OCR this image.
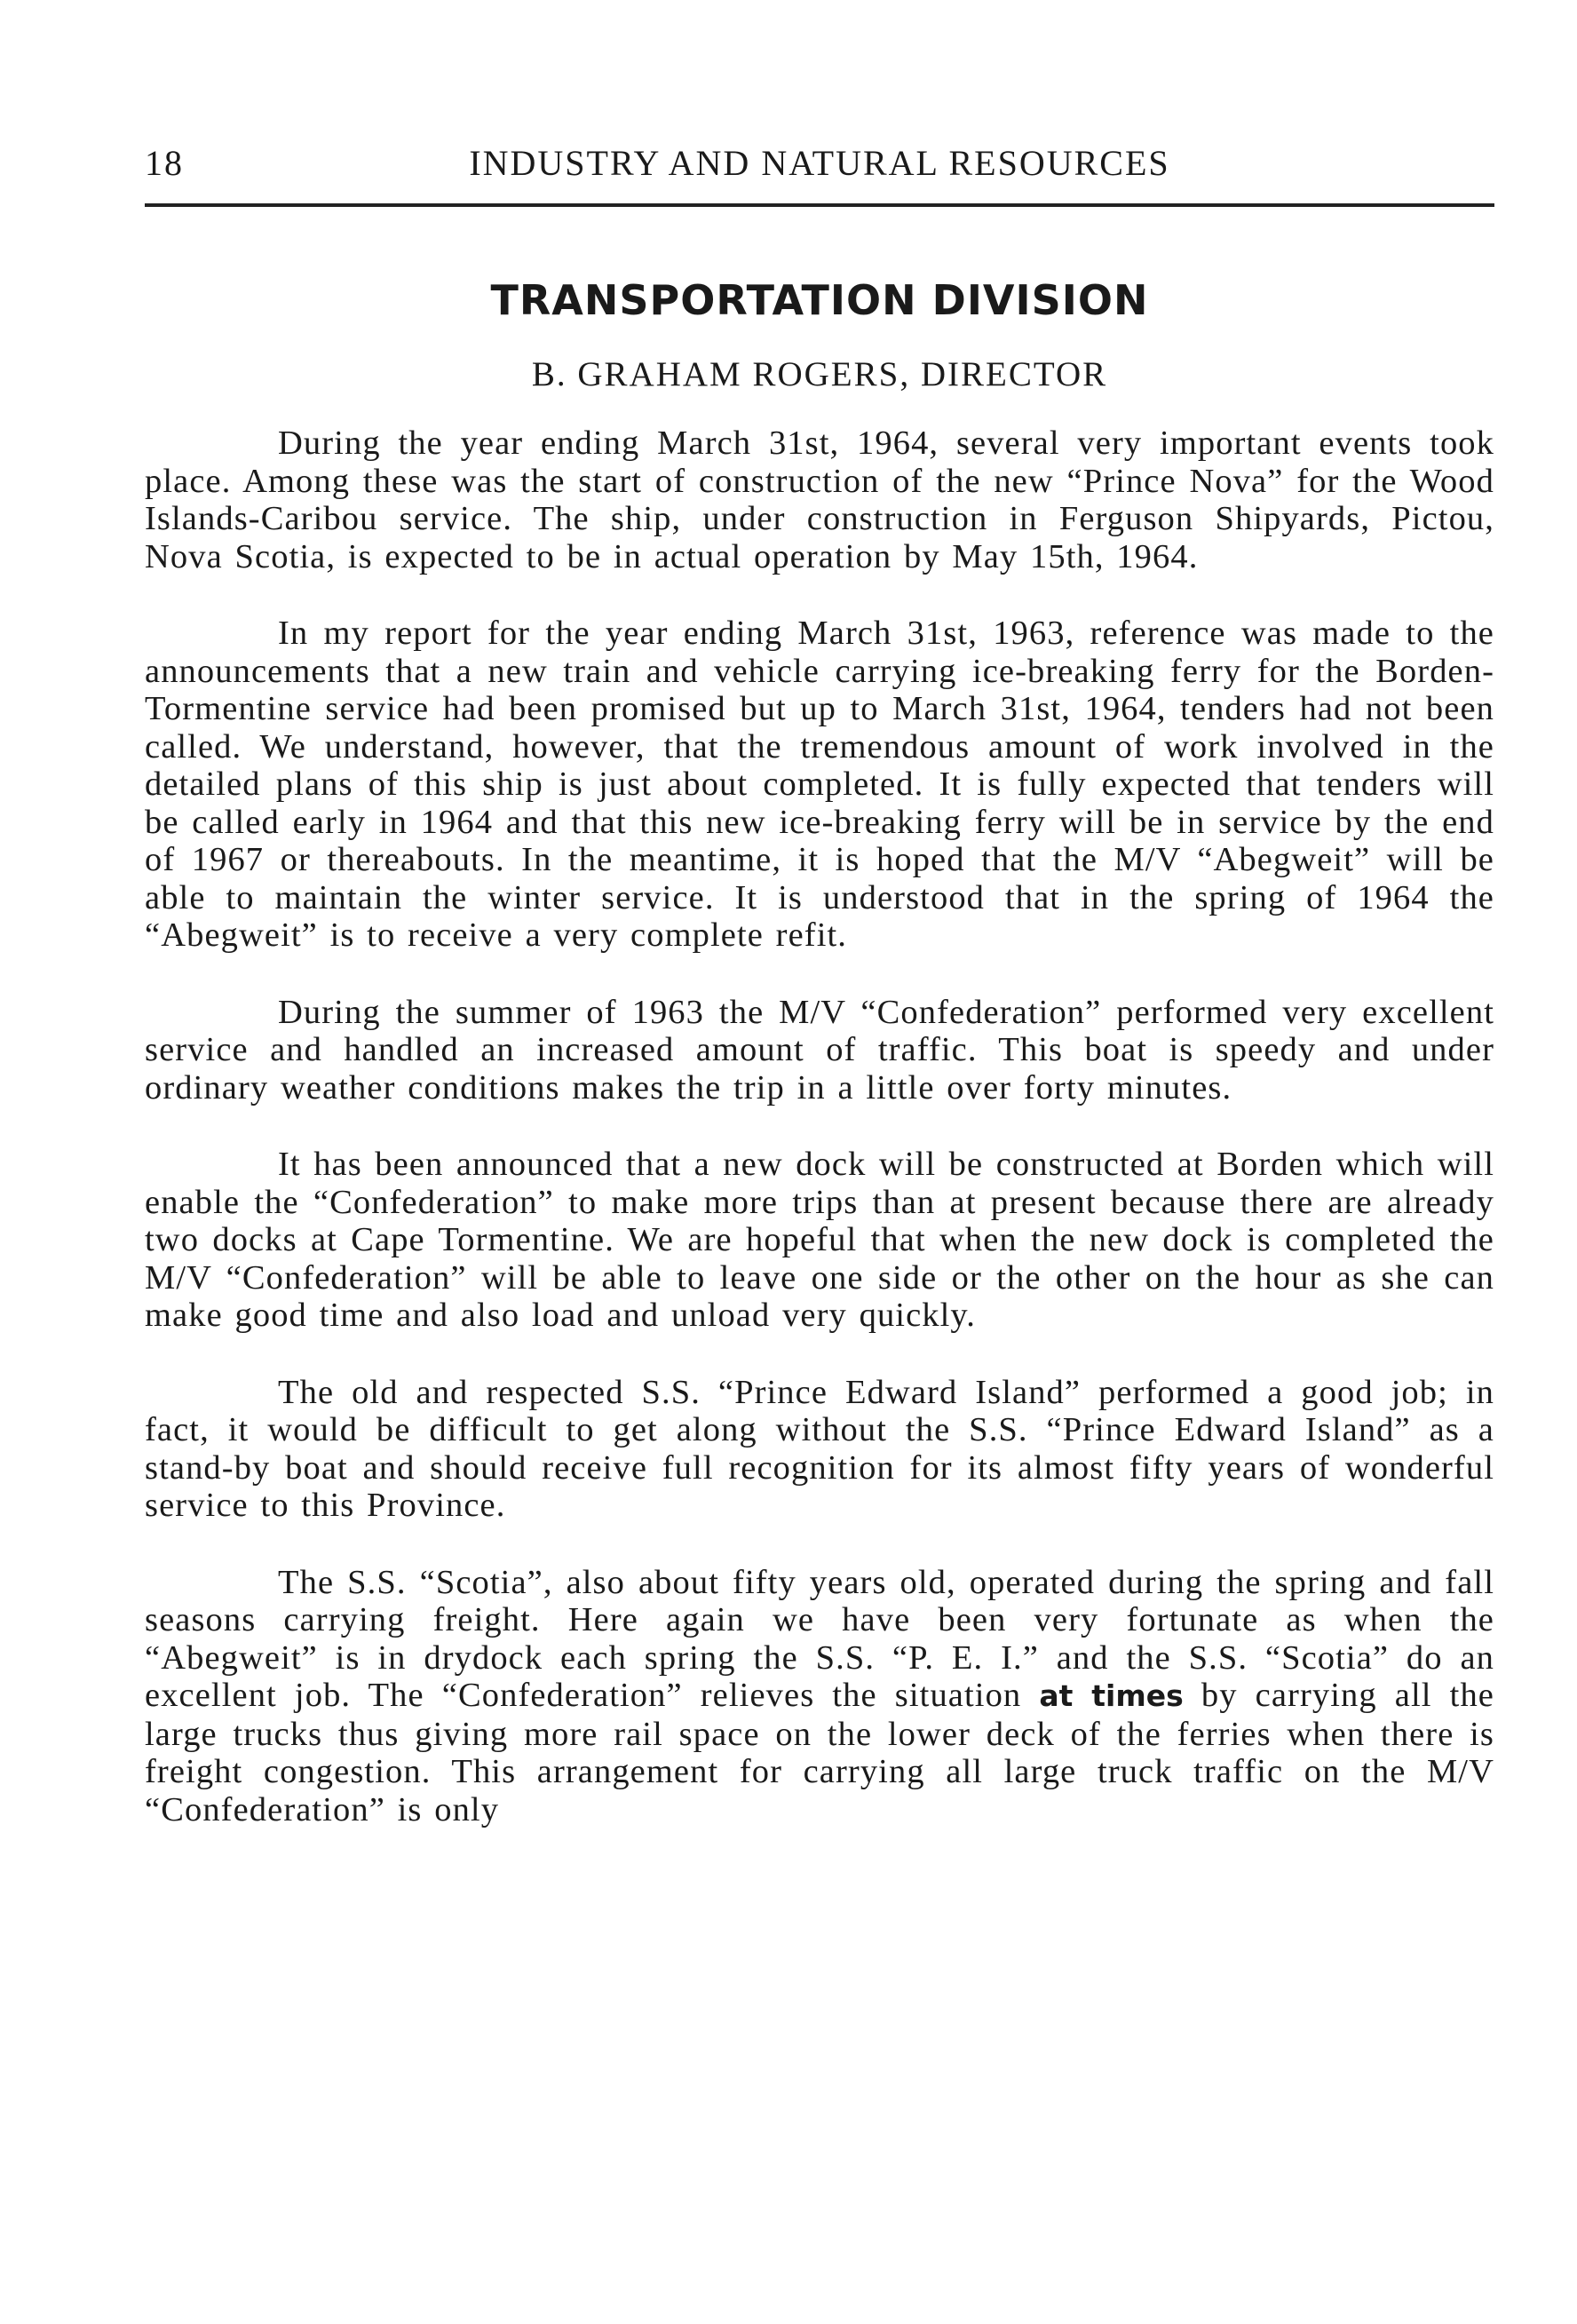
18	INDUSTRY AND NATURAL RESOURCES
TRANSPORTATION DIVISION
B. GRAHAM ROGERS, DIRECTOR

During the year ending March 31st, 1964, several very important events took place. Among these was the start of construction of the new “Prince Nova” for the Wood Islands-Caribou service. The ship, under construction in Ferguson Shipyards, Pictou, Nova Scotia, is expected to be in actual operation by May 15th, 1964.

In my report for the year ending March 31st, 1963, reference was made to the announcements that a new train and vehicle carrying ice-breaking ferry for the Borden-Tormentine service had been promised but up to March 31st, 1964, tenders had not been called. We understand, however, that the tremendous amount of work involved in the detailed plans of this ship is just about completed. It is fully expected that tenders will be called early in 1964 and that this new ice-breaking ferry will be in service by the end of 1967 or thereabouts. In the meantime, it is hoped that the M/V “Abegweit” will be able to maintain the winter service. It is understood that in the spring of 1964 the “Abegweit” is to receive a very complete refit.

During the summer of 1963 the M/V “Confederation” performed very excellent service and handled an increased amount of traffic. This boat is speedy and under ordinary weather conditions makes the trip in a little over forty minutes.

It has been announced that a new dock will be constructed at Borden which will enable the “Confederation” to make more trips than at present because there are already two docks at Cape Tormentine. We are hopeful that when the new dock is completed the M/V “Confederation” will be able to leave one side or the other on the hour as she can make good time and also load and unload very quickly.

The old and respected S.S. “Prince Edward Island” performed a good job; in fact, it would be difficult to get along without the S.S. “Prince Edward Island” as a stand-by boat and should receive full recognition for its almost fifty years of wonderful service to this Province.

The S.S. “Scotia”, also about fifty years old, operated during the spring and fall seasons carrying freight. Here again we have been very fortunate as when the “Abegweit” is in drydock each spring the S.S. “P. E. I.” and the S.S. “Scotia” do an excellent job. The “Confederation” relieves the situation at times by carrying all the large trucks thus giving more rail space on the lower deck of the ferries when there is freight congestion. This arrangement for carrying all large truck traffic on the M/V “Confederation” is only
